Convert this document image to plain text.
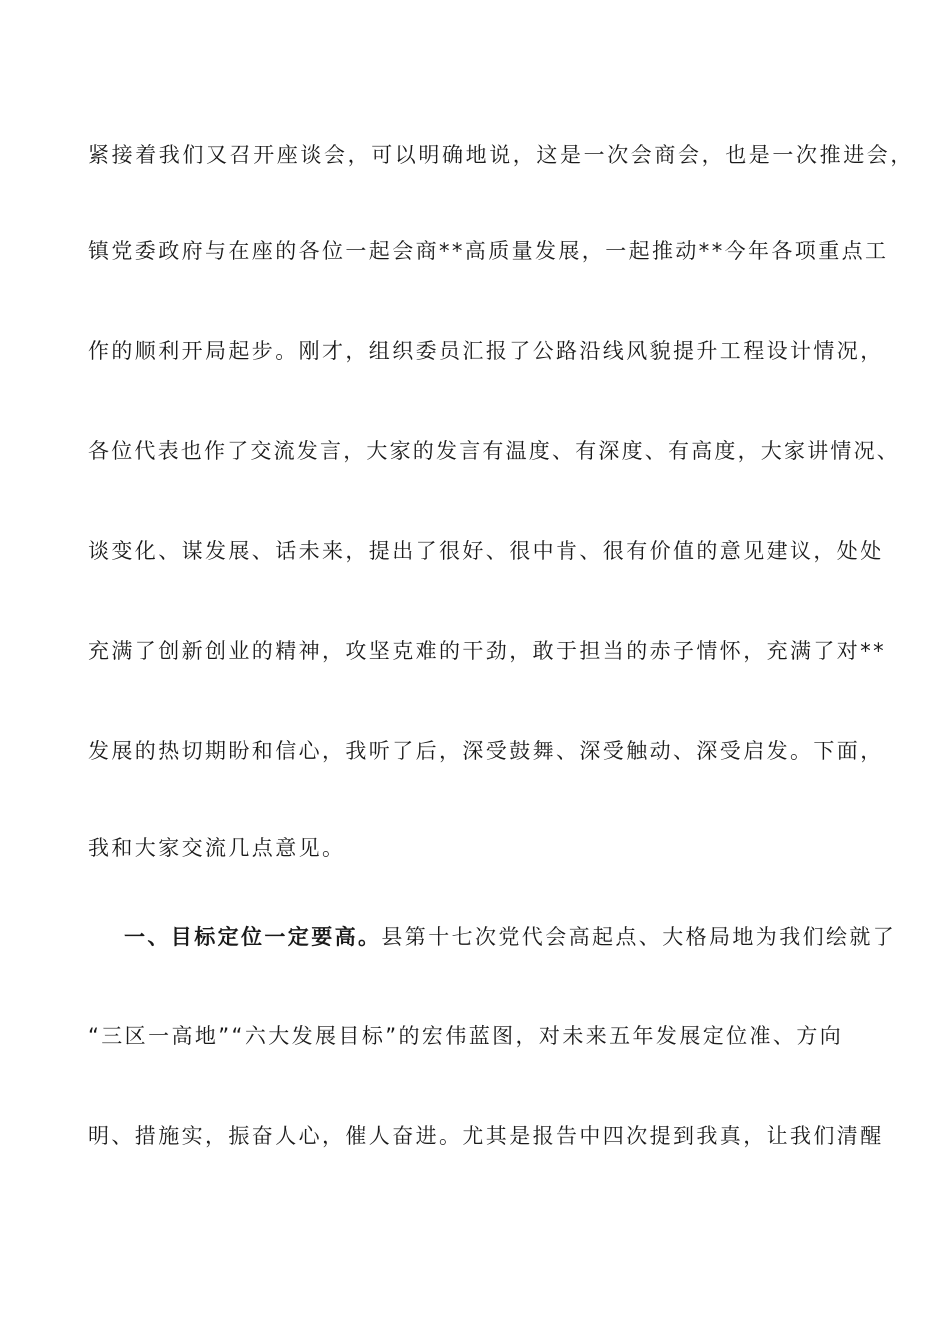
紧接着我们又召开座谈会，可以明确地说，这是一次会商会，也是一次推进会，
镇党委政府与在座的各位一起会商**高质量发展，一起推动**今年各项重点工
作的顺利开局起步。刚才，组织委员汇报了公路沿线风貌提升工程设计情况，
各位代表也作了交流发言，大家的发言有温度、有深度、有高度，大家讲情况、
谈变化、谋发展、话未来，提出了很好、很中肯、很有价值的意见建议，处处
充满了创新创业的精神，攻坚克难的干劲，敢于担当的赤子情怀，充满了对**
发展的热切期盼和信心，我听了后，深受鼓舞、深受触动、深受启发。下面，
我和大家交流几点意见。
一、目标定位一定要高。县第十七次党代会高起点、大格局地为我们绘就了
“三区一高地”“六大发展目标”的宏伟蓝图，对未来五年发展定位准、方向
明、措施实，振奋人心，催人奋进。尤其是报告中四次提到我真，让我们清醒
